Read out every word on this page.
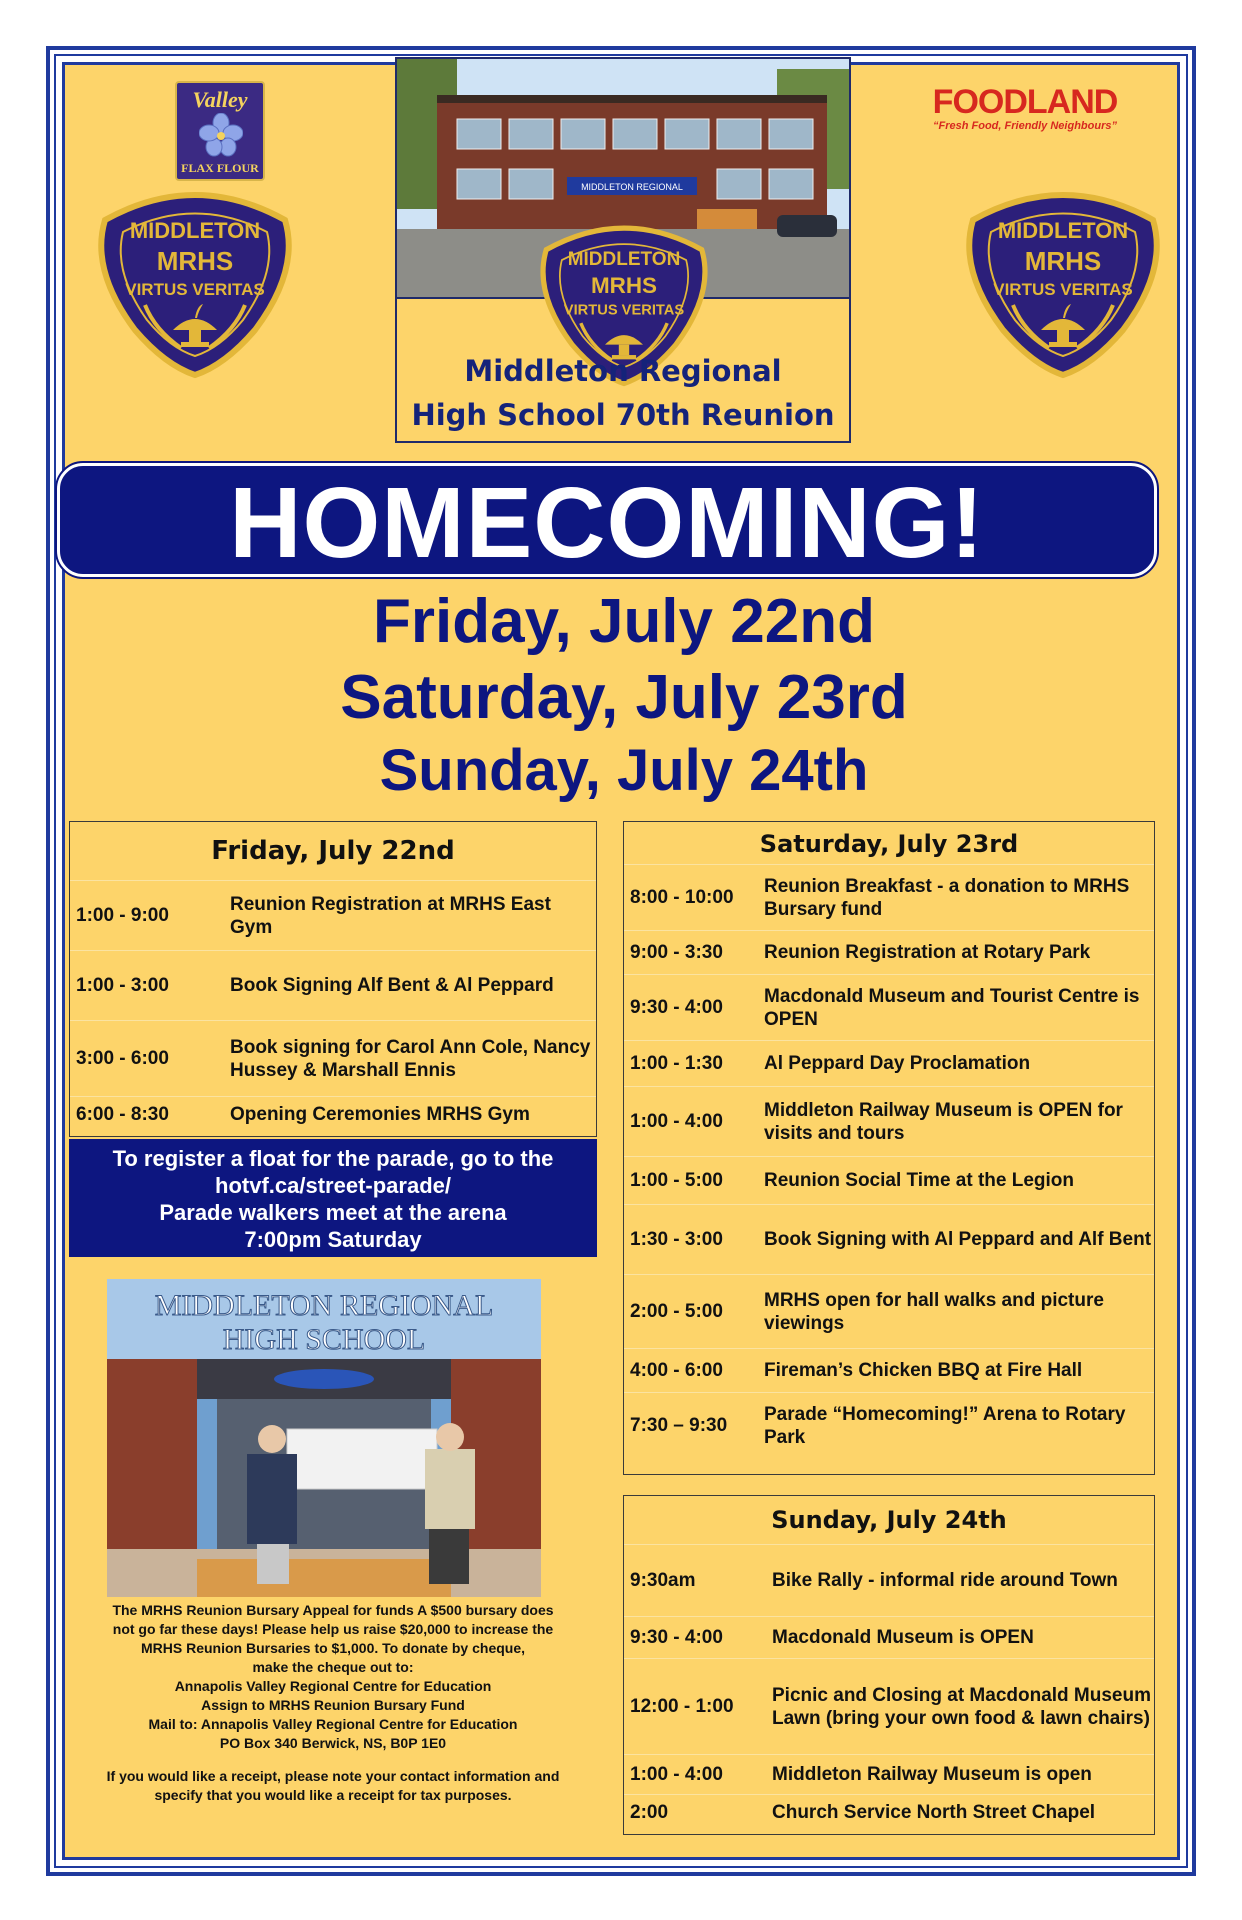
Valley
FLAX FLOUR
FOODLAND
“Fresh Food, Friendly Neighbours”
MIDDLETON
MRHS
VIRTUS VERITAS
MIDDLETON
MRHS
VIRTUS VERITAS
MIDDLETON REGIONAL
MIDDLETON
MRHS
VIRTUS VERITAS
Middleton Regional
High School 70th Reunion
HOMECOMING!
Friday, July 22nd
Saturday, July 23rd
Sunday, July 24th
Friday, July 22nd
1:00 - 9:00	Reunion Registration at MRHS East Gym
1:00 - 3:00	Book Signing Alf Bent & Al Peppard
3:00 - 6:00	Book signing for Carol Ann Cole, Nancy Hussey & Marshall Ennis
6:00 - 8:30	Opening Ceremonies MRHS Gym
To register a float for the parade, go to the
hotvf.ca/street-parade/
Parade walkers meet at the arena
7:00pm Saturday
MIDDLETON REGIONAL
HIGH SCHOOL
The MRHS Reunion Bursary Appeal for funds A $500 bursary does
not go far these days! Please help us raise $20,000 to increase the
MRHS Reunion Bursaries to $1,000. To donate by cheque,
make the cheque out to:
Annapolis Valley Regional Centre for Education
Assign to MRHS Reunion Bursary Fund
Mail to: Annapolis Valley Regional Centre for Education
PO Box 340 Berwick, NS, B0P 1E0
If you would like a receipt, please note your contact information and
specify that you would like a receipt for tax purposes.
Saturday, July 23rd
8:00 - 10:00	Reunion Breakfast - a donation to MRHS Bursary fund
9:00 - 3:30	Reunion Registration at Rotary Park
9:30 - 4:00	Macdonald Museum and Tourist Centre is OPEN
1:00 - 1:30	Al Peppard Day Proclamation
1:00 - 4:00	Middleton Railway Museum is OPEN for visits and tours
1:00 - 5:00	Reunion Social Time at the Legion
1:30 - 3:00	Book Signing with Al Peppard and Alf Bent
2:00 - 5:00	MRHS open for hall walks and picture viewings
4:00 - 6:00	Fireman’s Chicken BBQ at Fire Hall
7:30 – 9:30	Parade “Homecoming!” Arena to Rotary Park
Sunday, July 24th
9:30am	Bike Rally - informal ride around Town
9:30 - 4:00	Macdonald Museum is OPEN
12:00 - 1:00	Picnic and Closing at Macdonald Museum Lawn (bring your own food & lawn chairs)
1:00 - 4:00	Middleton Railway Museum is open
2:00	Church Service North Street Chapel
